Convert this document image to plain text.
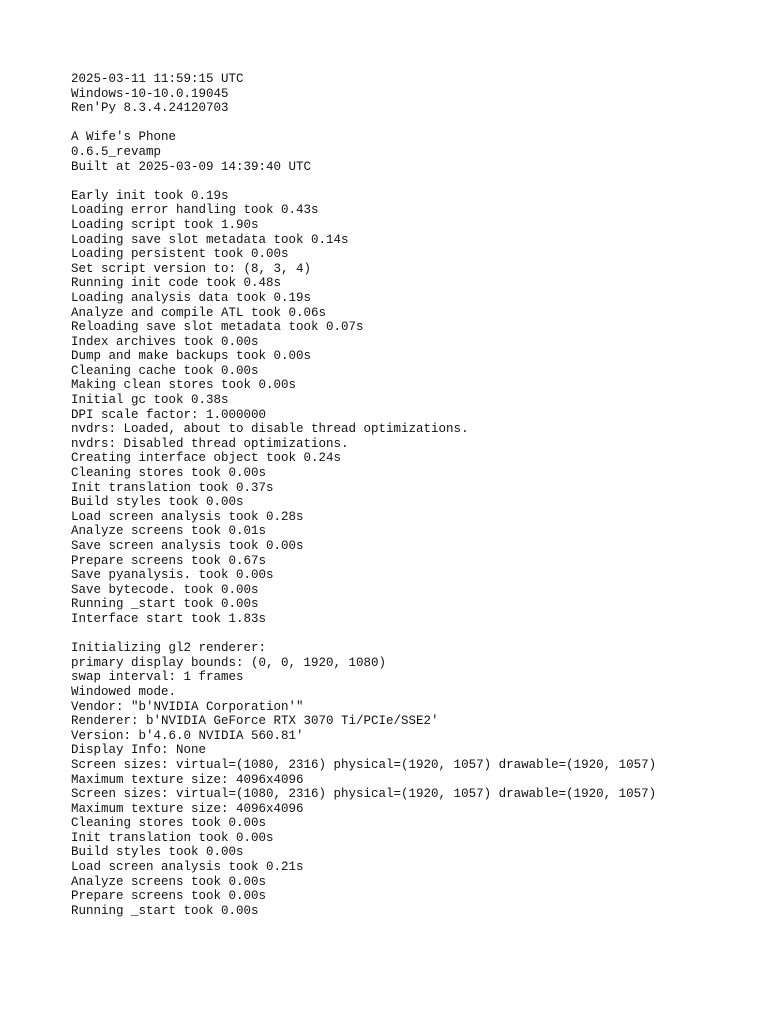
2025-03-11 11:59:15 UTC
Windows-10-10.0.19045
Ren'Py 8.3.4.24120703
A Wife's Phone
0.6.5_revamp
Built at 2025-03-09 14:39:40 UTC
Early init took 0.19s
Loading error handling took 0.43s
Loading script took 1.90s
Loading save slot metadata took 0.14s
Loading persistent took 0.00s
Set script version to: (8, 3, 4)
Running init code took 0.48s
Loading analysis data took 0.19s
Analyze and compile ATL took 0.06s
Reloading save slot metadata took 0.07s
Index archives took 0.00s
Dump and make backups took 0.00s
Cleaning cache took 0.00s
Making clean stores took 0.00s
Initial gc took 0.38s
DPI scale factor: 1.000000
nvdrs: Loaded, about to disable thread optimizations.
nvdrs: Disabled thread optimizations.
Creating interface object took 0.24s
Cleaning stores took 0.00s
Init translation took 0.37s
Build styles took 0.00s
Load screen analysis took 0.28s
Analyze screens took 0.01s
Save screen analysis took 0.00s
Prepare screens took 0.67s
Save pyanalysis. took 0.00s
Save bytecode. took 0.00s
Running _start took 0.00s
Interface start took 1.83s
Initializing gl2 renderer:
primary display bounds: (0, 0, 1920, 1080)
swap interval: 1 frames
Windowed mode.
Vendor: "b'NVIDIA Corporation'"
Renderer: b'NVIDIA GeForce RTX 3070 Ti/PCIe/SSE2'
Version: b'4.6.0 NVIDIA 560.81'
Display Info: None
Screen sizes: virtual=(1080, 2316) physical=(1920, 1057) drawable=(1920, 1057)
Maximum texture size: 4096x4096
Screen sizes: virtual=(1080, 2316) physical=(1920, 1057) drawable=(1920, 1057)
Maximum texture size: 4096x4096
Cleaning stores took 0.00s
Init translation took 0.00s
Build styles took 0.00s
Load screen analysis took 0.21s
Analyze screens took 0.00s
Prepare screens took 0.00s
Running _start took 0.00s
